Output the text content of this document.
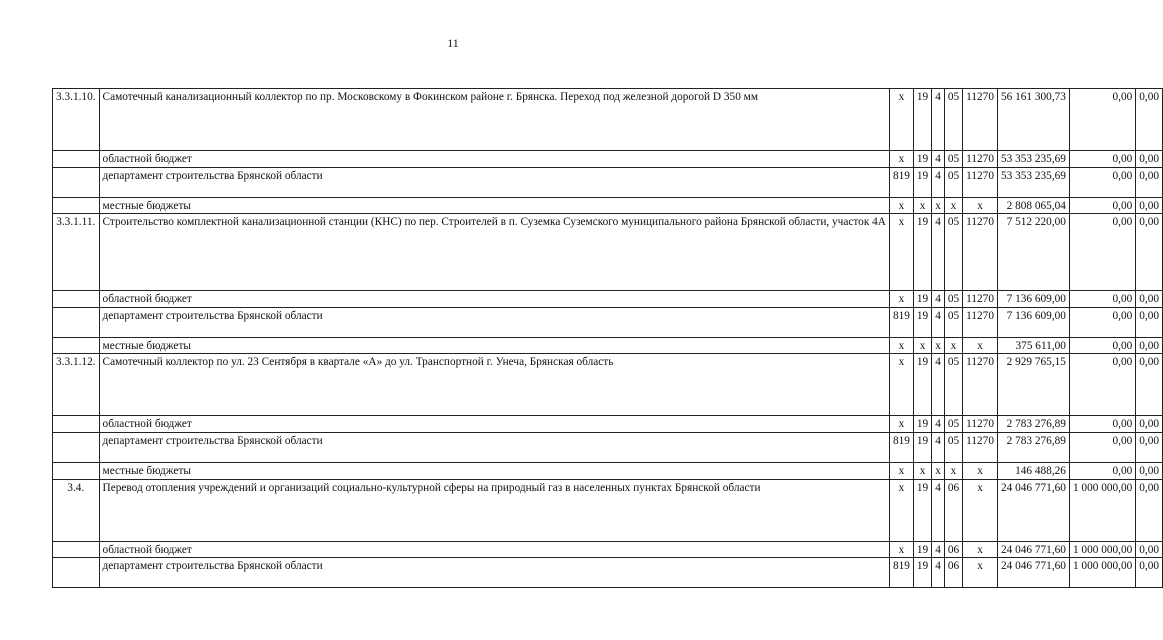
11
3.3.1.10.	Самотечный канализационный коллектор по пр. Московскому в Фокинском районе г. Брянска. Переход под железной дорогой D 350 мм	х	19	4	05	11270	56 161 300,73	0,00	0,00
	областной бюджет	х	19	4	05	11270	53 353 235,69	0,00	0,00
	департамент строительства Брянской области	819	19	4	05	11270	53 353 235,69	0,00	0,00
	местные бюджеты	х	х	х	х	х	2 808 065,04	0,00	0,00
3.3.1.11.	Строительство комплектной канализационной станции (КНС) по пер. Строителей в п. Суземка Суземского муниципального района Брянской области, участок 4А	х	19	4	05	11270	7 512 220,00	0,00	0,00
	областной бюджет	х	19	4	05	11270	7 136 609,00	0,00	0,00
	департамент строительства Брянской области	819	19	4	05	11270	7 136 609,00	0,00	0,00
	местные бюджеты	х	х	х	х	х	375 611,00	0,00	0,00
3.3.1.12.	Самотечный коллектор по ул. 23 Сентября в квартале «А» до ул. Транспортной г. Унеча, Брянская область	х	19	4	05	11270	2 929 765,15	0,00	0,00
	областной бюджет	х	19	4	05	11270	2 783 276,89	0,00	0,00
	департамент строительства Брянской области	819	19	4	05	11270	2 783 276,89	0,00	0,00
	местные бюджеты	х	х	х	х	х	146 488,26	0,00	0,00
3.4.	Перевод отопления учреждений и организаций социально-культурной сферы на природный газ в населенных пунктах Брянской области	х	19	4	06	х	24 046 771,60	1 000 000,00	0,00
	областной бюджет	х	19	4	06	х	24 046 771,60	1 000 000,00	0,00
	департамент строительства Брянской области	819	19	4	06	х	24 046 771,60	1 000 000,00	0,00
